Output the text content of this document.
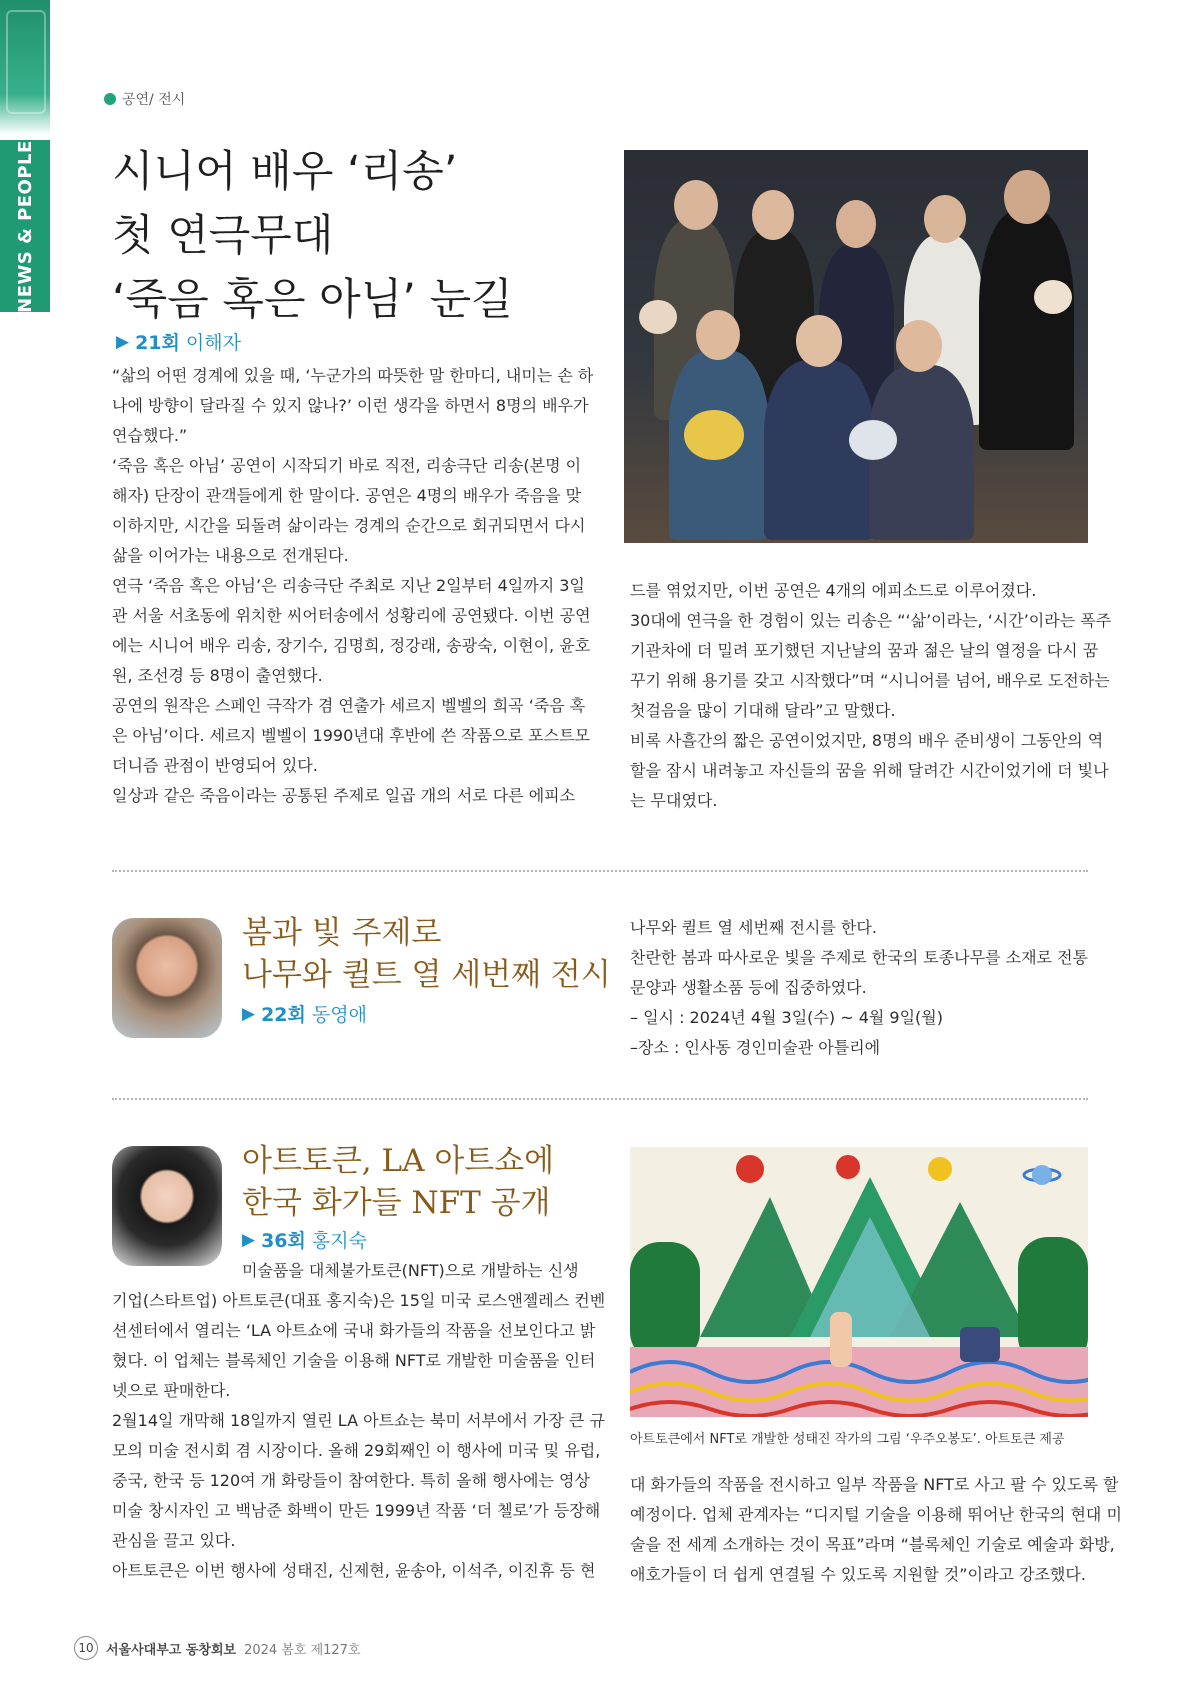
NEWS & PEOPLE
공연/ 전시
시니어 배우 ‘리송’
첫 연극무대
‘죽음 혹은 아님’ 눈길
▶ 21회 이해자
“삶의 어떤 경계에 있을 때, ‘누군가의 따뜻한 말 한마디, 내미는 손 하
나에 방향이 달라질 수 있지 않나?’ 이런 생각을 하면서 8명의 배우가
연습했다.”
‘죽음 혹은 아님’ 공연이 시작되기 바로 직전, 리송극단 리송(본명 이
해자) 단장이 관객들에게 한 말이다. 공연은 4명의 배우가 죽음을 맞
이하지만, 시간을 되돌려 삶이라는 경계의 순간으로 회귀되면서 다시
삶을 이어가는 내용으로 전개된다.
연극 ‘죽음 혹은 아님’은 리송극단 주최로 지난 2일부터 4일까지 3일
관 서울 서초동에 위치한 씨어터송에서 성황리에 공연됐다. 이번 공연
에는 시니어 배우 리송, 장기수, 김명희, 정강래, 송광숙, 이현이, 윤호
원, 조선경 등 8명이 출연했다.
공연의 원작은 스페인 극작가 겸 연출가 세르지 벨벨의 희곡 ‘죽음 혹
은 아님’이다. 세르지 벨벨이 1990년대 후반에 쓴 작품으로 포스트모
더니즘 관점이 반영되어 있다.
일상과 같은 죽음이라는 공통된 주제로 일곱 개의 서로 다른 에피소
드를 엮었지만, 이번 공연은 4개의 에피소드로 이루어졌다.
30대에 연극을 한 경험이 있는 리송은 “‘삶’이라는, ‘시간’이라는 폭주
기관차에 더 밀려 포기했던 지난날의 꿈과 젊은 날의 열정을 다시 꿈
꾸기 위해 용기를 갖고 시작했다”며 “시니어를 넘어, 배우로 도전하는
첫걸음을 많이 기대해 달라”고 말했다.
비록 사흘간의 짧은 공연이었지만, 8명의 배우 준비생이 그동안의 역
할을 잠시 내려놓고 자신들의 꿈을 위해 달려간 시간이었기에 더 빛나
는 무대였다.
봄과 빛 주제로
나무와 퀼트 열 세번째 전시
▶ 22회 동영애
나무와 퀼트 열 세번째 전시를 한다.
찬란한 봄과 따사로운 빛을 주제로 한국의 토종나무를 소재로 전통
문양과 생활소품 등에 집중하였다.
– 일시 : 2024년 4월 3일(수) ~ 4월 9일(월)
–장소 : 인사동 경인미술관 아틀리에
아트토큰, LA 아트쇼에
한국 화가들 NFT 공개
▶ 36회 홍지숙
미술품을 대체불가토큰(NFT)으로 개발하는 신생
기업(스타트업) 아트토큰(대표 홍지숙)은 15일 미국 로스앤젤레스 컨벤
션센터에서 열리는 ‘LA 아트쇼에 국내 화가들의 작품을 선보인다고 밝
혔다. 이 업체는 블록체인 기술을 이용해 NFT로 개발한 미술품을 인터
넷으로 판매한다.
2월14일 개막해 18일까지 열린 LA 아트쇼는 북미 서부에서 가장 큰 규
모의 미술 전시회 겸 시장이다. 올해 29회째인 이 행사에 미국 및 유럽,
중국, 한국 등 120여 개 화랑들이 참여한다. 특히 올해 행사에는 영상
미술 창시자인 고 백남준 화백이 만든 1999년 작품 ‘더 첼로’가 등장해
관심을 끌고 있다.
아트토큰은 이번 행사에 성태진, 신제현, 윤송아, 이석주, 이진휴 등 현
아트토큰에서 NFT로 개발한 성태진 작가의 그림 ‘우주오봉도’. 아트토큰 제공
대 화가들의 작품을 전시하고 일부 작품을 NFT로 사고 팔 수 있도록 할
예정이다. 업체 관계자는 “디지털 기술을 이용해 뛰어난 한국의 현대 미
술을 전 세계 소개하는 것이 목표”라며 “블록체인 기술로 예술과 화방,
애호가들이 더 쉽게 연결될 수 있도록 지원할 것”이라고 강조했다.
10 서울사대부고 동창회보 2024 봄호 제127호
